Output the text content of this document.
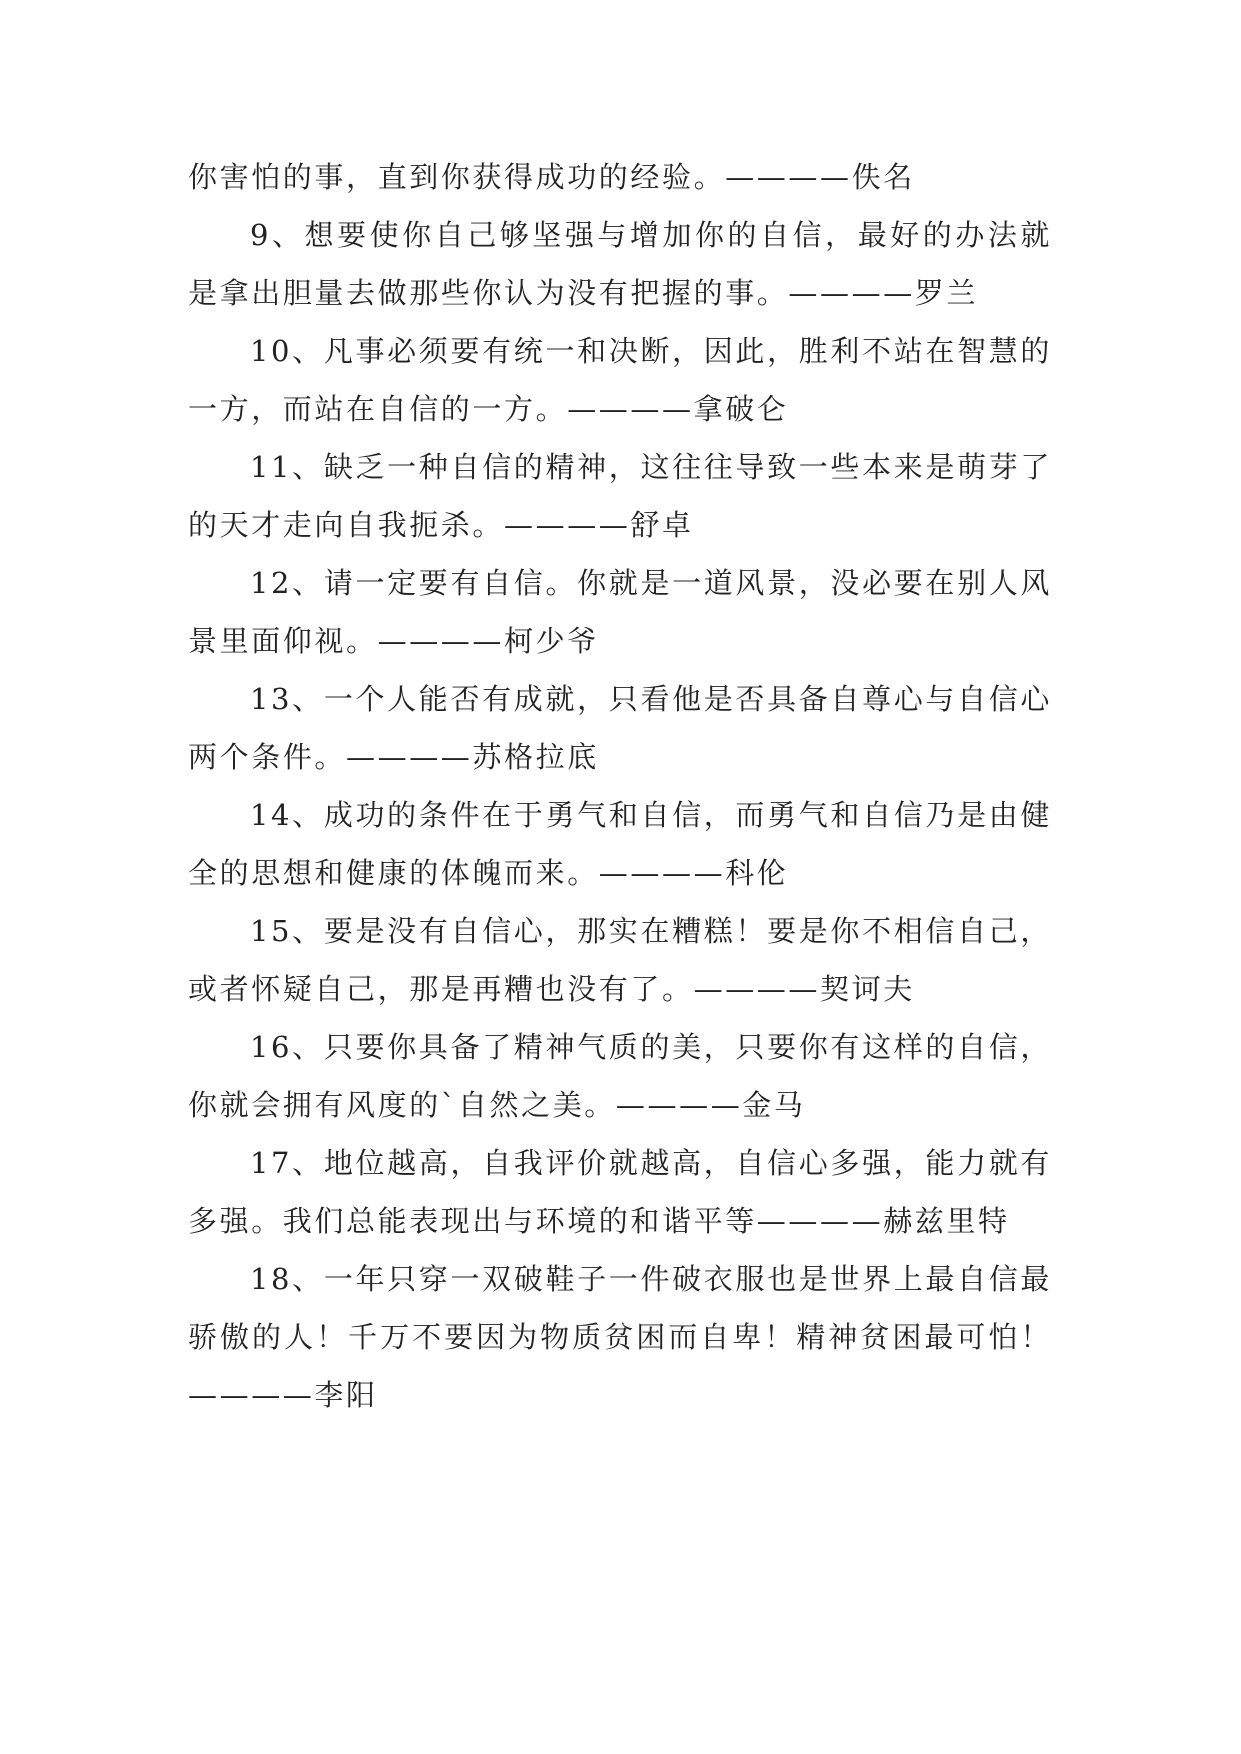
你害怕的事，直到你获得成功的经验。————佚名

9、想要使你自己够坚强与增加你的自信，最好的办法就是拿出胆量去做那些你认为没有把握的事。————罗兰

10、凡事必须要有统一和决断，因此，胜利不站在智慧的一方，而站在自信的一方。————拿破仑

11、缺乏一种自信的精神，这往往导致一些本来是萌芽了的天才走向自我扼杀。————舒卓

12、请一定要有自信。你就是一道风景，没必要在别人风景里面仰视。————柯少爷

13、一个人能否有成就，只看他是否具备自尊心与自信心两个条件。————苏格拉底

14、成功的条件在于勇气和自信，而勇气和自信乃是由健全的思想和健康的体魄而来。————科伦

15、要是没有自信心，那实在糟糕！要是你不相信自己，或者怀疑自己，那是再糟也没有了。————契诃夫

16、只要你具备了精神气质的美，只要你有这样的自信，你就会拥有风度的`自然之美。————金马

17、地位越高，自我评价就越高，自信心多强，能力就有多强。我们总能表现出与环境的和谐平等————赫兹里特

18、一年只穿一双破鞋子一件破衣服也是世界上最自信最骄傲的人！千万不要因为物质贫困而自卑！精神贫困最可怕！————李阳
